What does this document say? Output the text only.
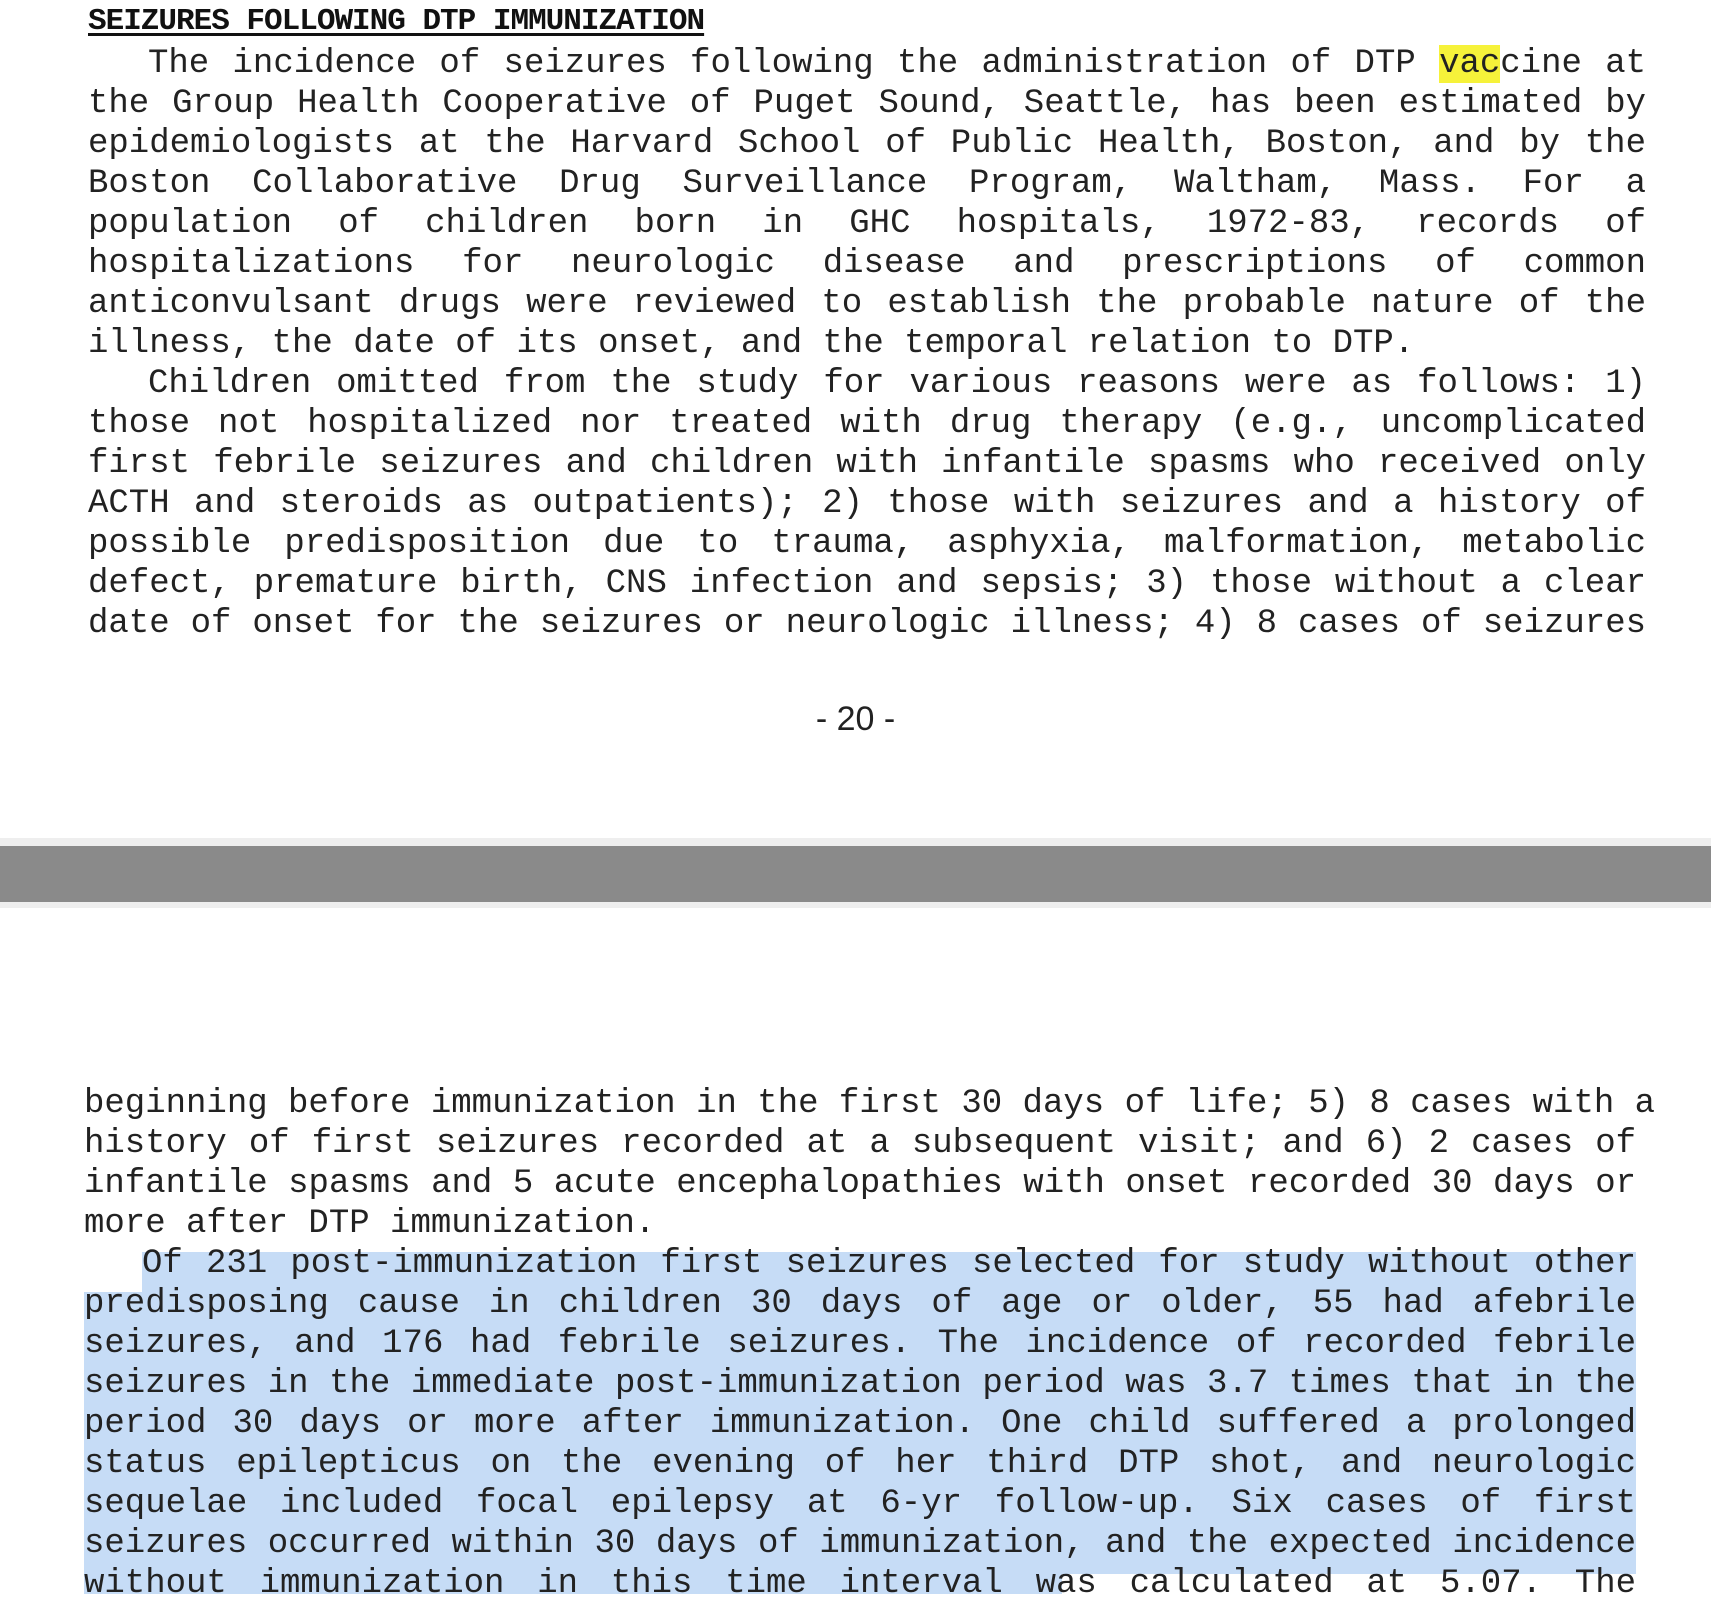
SEIZURES FOLLOWING DTP IMMUNIZATION
The incidence of seizures following the administration of DTP vaccine at
the Group Health Cooperative of Puget Sound, Seattle, has been estimated by
epidemiologists at the Harvard School of Public Health, Boston, and by the
Boston Collaborative Drug Surveillance Program, Waltham, Mass. For a
population of children born in GHC hospitals, 1972-83, records of
hospitalizations for neurologic disease and prescriptions of common
anticonvulsant drugs were reviewed to establish the probable nature of the
illness, the date of its onset, and the temporal relation to DTP.
Children omitted from the study for various reasons were as follows: 1)
those not hospitalized nor treated with drug therapy (e.g., uncomplicated
first febrile seizures and children with infantile spasms who received only
ACTH and steroids as outpatients); 2) those with seizures and a history of
possible predisposition due to trauma, asphyxia, malformation, metabolic
defect, premature birth, CNS infection and sepsis; 3) those without a clear
date of onset for the seizures or neurologic illness; 4) 8 cases of seizures
- 20 -
beginning before immunization in the first 30 days of life; 5) 8 cases with a
history of first seizures recorded at a subsequent visit; and 6) 2 cases of
infantile spasms and 5 acute encephalopathies with onset recorded 30 days or
more after DTP immunization.
Of 231 post-immunization first seizures selected for study without other
predisposing cause in children 30 days of age or older, 55 had afebrile
seizures, and 176 had febrile seizures. The incidence of recorded febrile
seizures in the immediate post-immunization period was 3.7 times that in the
period 30 days or more after immunization. One child suffered a prolonged
status epilepticus on the evening of her third DTP shot, and neurologic
sequelae included focal epilepsy at 6-yr follow-up. Six cases of first
seizures occurred within 30 days of immunization, and the expected incidence
without immunization in this time interval was calculated at 5.07. The
